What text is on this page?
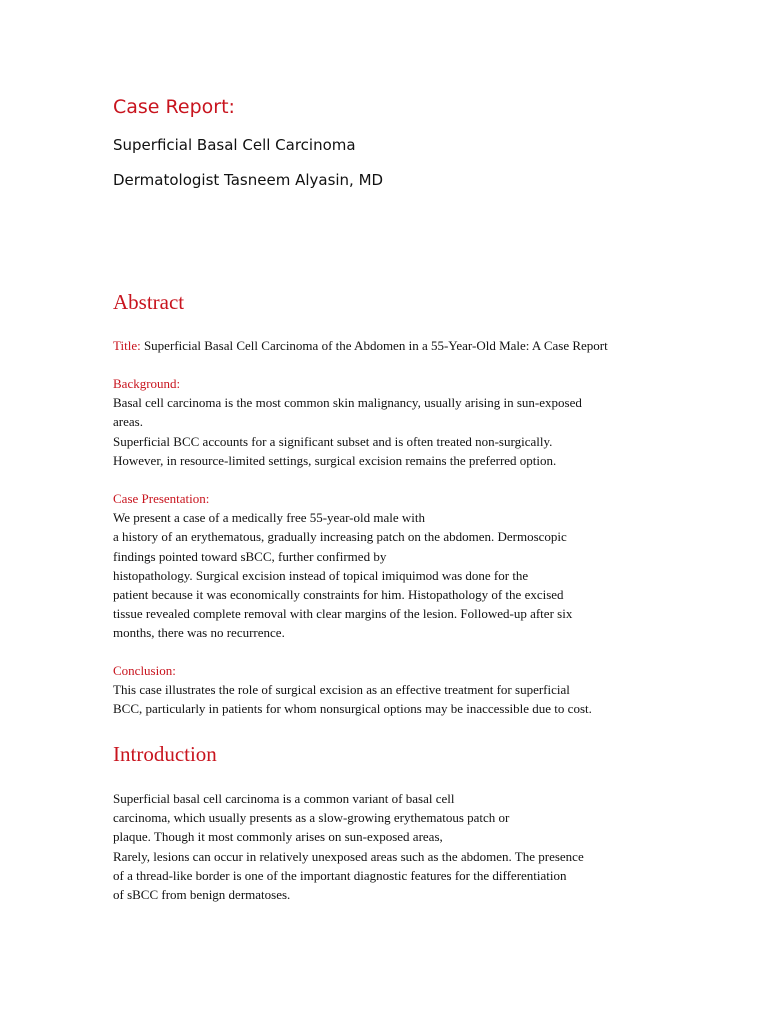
Case Report:
Superficial Basal Cell Carcinoma
Dermatologist Tasneem Alyasin, MD
Abstract
Title: Superficial Basal Cell Carcinoma of the Abdomen in a 55-Year-Old Male: A Case Report
Background:
Basal cell carcinoma is the most common skin malignancy, usually arising in sun-exposed
areas.
Superficial BCC accounts for a significant subset and is often treated non-surgically.
However, in resource-limited settings, surgical excision remains the preferred option.
Case Presentation:
We present a case of a medically free 55-year-old male with
a history of an erythematous, gradually increasing patch on the abdomen. Dermoscopic
findings pointed toward sBCC, further confirmed by
histopathology. Surgical excision instead of topical imiquimod was done for the
patient because it was economically constraints for him. Histopathology of the excised
tissue revealed complete removal with clear margins of the lesion. Followed-up after six
months, there was no recurrence.
Conclusion:
This case illustrates the role of surgical excision as an effective treatment for superficial
BCC, particularly in patients for whom nonsurgical options may be inaccessible due to cost.
Introduction
Superficial basal cell carcinoma is a common variant of basal cell
carcinoma, which usually presents as a slow-growing erythematous patch or
plaque. Though it most commonly arises on sun-exposed areas,
Rarely, lesions can occur in relatively unexposed areas such as the abdomen. The presence
of a thread-like border is one of the important diagnostic features for the differentiation
of sBCC from benign dermatoses.
